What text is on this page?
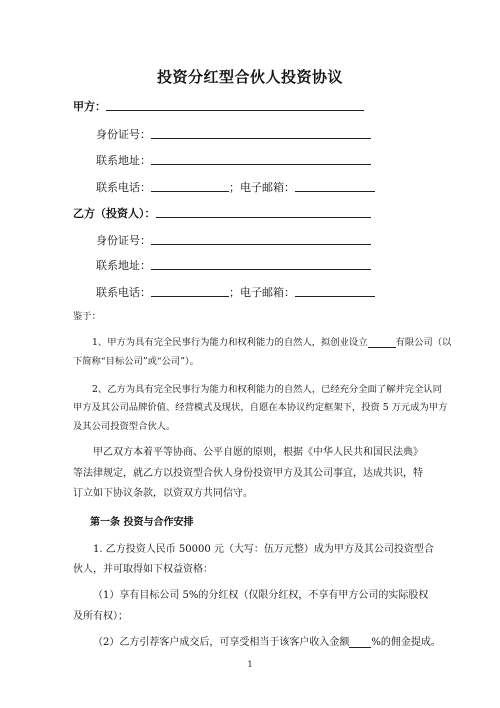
投资分红型合伙人投资协议
甲方：
身份证号：
联系地址：
联系电话：	；电子邮箱：
乙方（投资人）：
身份证号：
联系地址：
联系电话：	；电子邮箱：
鉴于：
1、甲方为具有完全民事行为能力和权利能力的自然人，拟创业设立	有限公司（以
下简称“目标公司”或“公司”）。
2、乙方为具有完全民事行为能力和权利能力的自然人，已经充分全面了解并完全认同
甲方及其公司品牌价值、经营模式及现状，自愿在本协议约定框架下，投资 5 万元成为甲方
及其公司投资型合伙人。
甲乙双方本着平等协商、公平自愿的原则，根据《中华人民共和国民法典》
等法律规定，就乙方以投资型合伙人身份投资甲方及其公司事宜，达成共识，特
订立如下协议条款，以资双方共同信守。
第一条 投资与合作安排
1. 乙方投资人民币 50000 元（大写：伍万元整）成为甲方及其公司投资型合
伙人，并可取得如下权益资格：
（1）享有目标公司 5%的分红权（仅限分红权，不享有甲方公司的实际股权
及所有权）；
（2）乙方引荐客户成交后，可享受相当于该客户收入金额 %的佣金提成。
1
